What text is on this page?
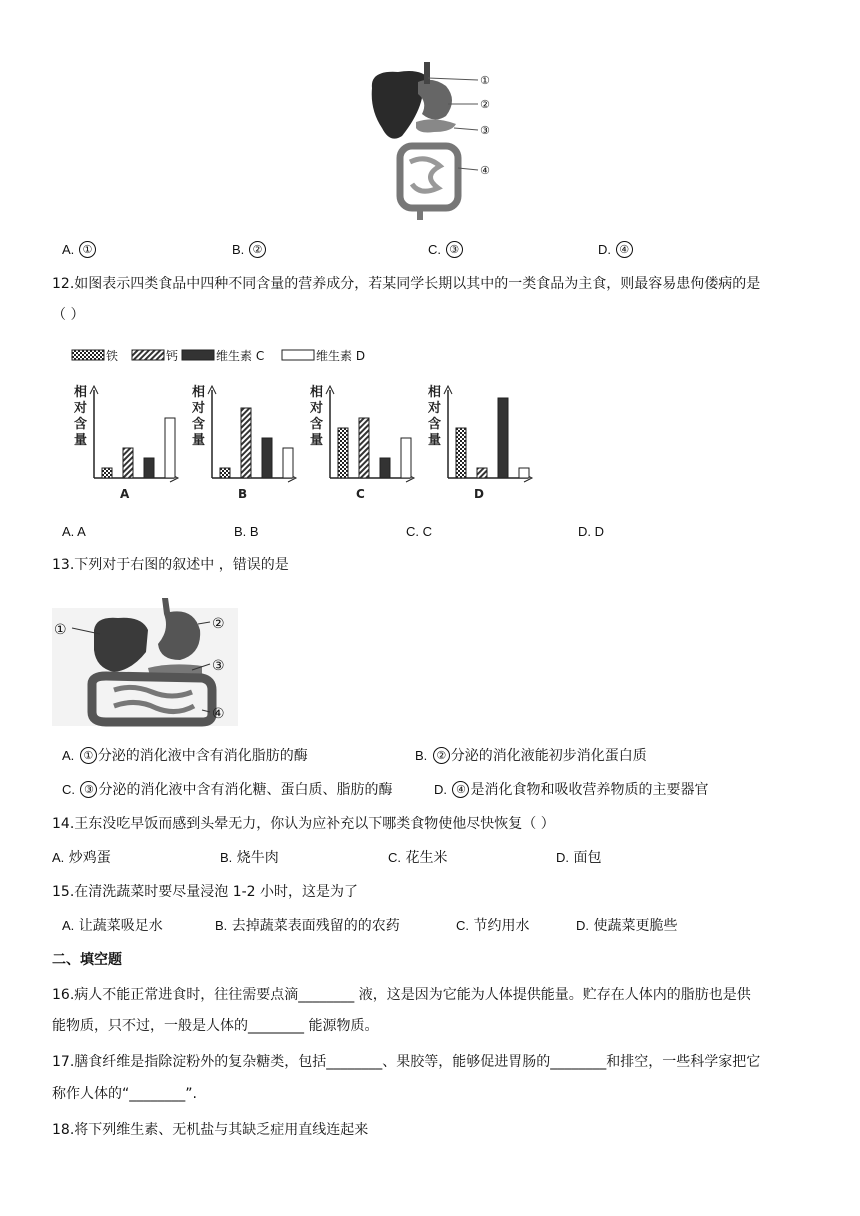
①
②
③
④
A. ①	B. ②	C. ③	D. ④
12.如图表示四类食品中四种不同含量的营养成分，若某同学长期以其中的一类食品为主食，则最容易患佝偻病的是
（ ）
铁	钙	维生素 C	维生素 D
相
对
含
量
A
相
对
含
量
B
相
对
含
量
C
相
对
含
量
D
A. A	B. B	C. C	D. D
13.下列对于右图的叙述中 ，错误的是
①	②
③
④
A. ① 分泌的消化液中含有消化脂肪的酶	B. ② 分泌的消化液能初步消化蛋白质
C. ③ 分泌的消化液中含有消化糖、蛋白质、脂肪的酶	D. ④ 是消化食物和吸收营养物质的主要器官
14.王东没吃早饭而感到头晕无力，你认为应补充以下哪类食物使他尽快恢复（ ）
A. 炒鸡蛋	B. 烧牛肉	C. 花生米	D. 面包
15.在清洗蔬菜时要尽量浸泡 1-2 小时，这是为了
A. 让蔬菜吸足水	B. 去掉蔬菜表面残留的的农药	C. 节约用水	D. 使蔬菜更脆些
二、填空题
16.病人不能正常进食时，往往需要点滴________ 液，这是因为它能为人体提供能量。贮存在人体内的脂肪也是供
能物质，只不过，一般是人体的________ 能源物质。
17.膳食纤维是指除淀粉外的复杂糖类，包括________、果胶等，能够促进胃肠的________和排空，一些科学家把它
称作人体的“________”.
18.将下列维生素、无机盐与其缺乏症用直线连起来
